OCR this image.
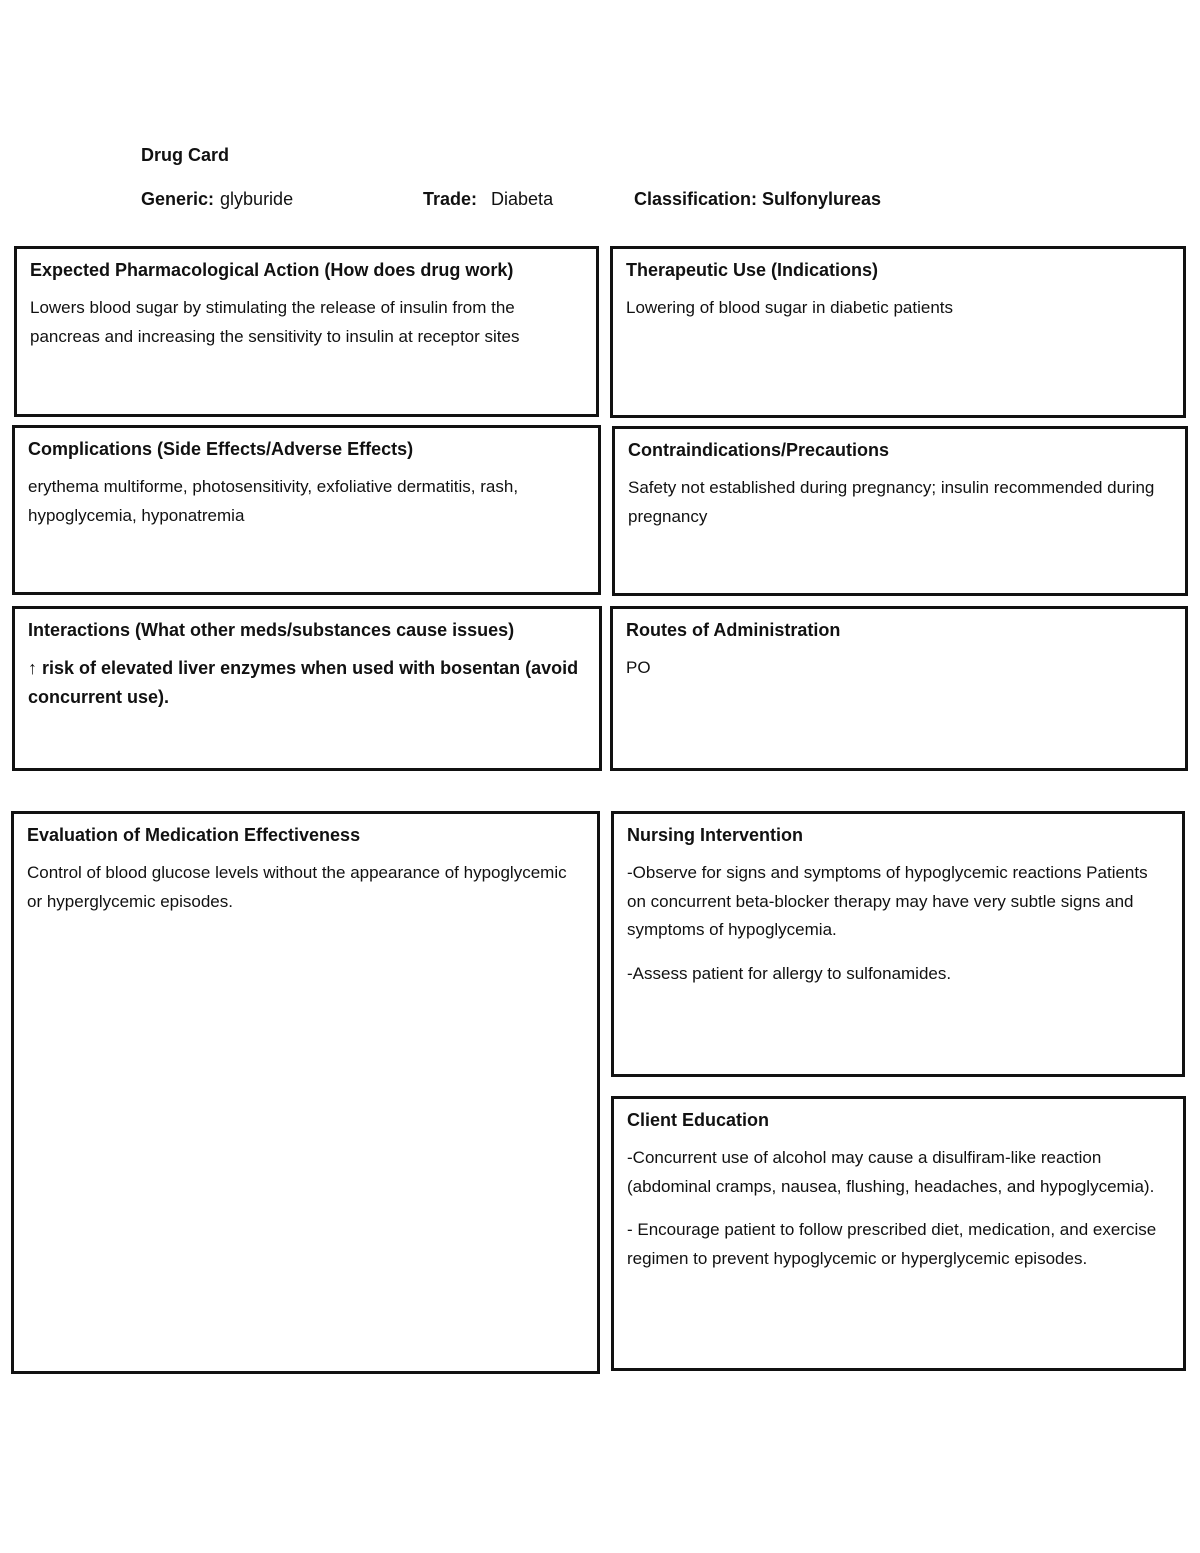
Drug Card
Generic: glyburide	Trade: Diabeta	Classification: Sulfonylureas
Expected Pharmacological Action (How does drug work)
Lowers blood sugar by stimulating the release of insulin from the pancreas and increasing the sensitivity to insulin at receptor sites
Therapeutic Use (Indications)
Lowering of blood sugar in diabetic patients
Complications (Side Effects/Adverse Effects)
erythema multiforme, photosensitivity, exfoliative dermatitis, rash, hypoglycemia, hyponatremia
Contraindications/Precautions
Safety not established during pregnancy; insulin recommended during pregnancy
Interactions (What other meds/substances cause issues)
↑ risk of elevated liver enzymes when used with bosentan (avoid concurrent use).
Routes of Administration
PO
Evaluation of Medication Effectiveness
Control of blood glucose levels without the appearance of hypoglycemic or hyperglycemic episodes.
Nursing Intervention
-Observe for signs and symptoms of hypoglycemic reactions Patients on concurrent beta-blocker therapy may have very subtle signs and symptoms of hypoglycemia.
-Assess patient for allergy to sulfonamides.
Client Education
-Concurrent use of alcohol may cause a disulfiram-like reaction (abdominal cramps, nausea, flushing, headaches, and hypoglycemia).
- Encourage patient to follow prescribed diet, medication, and exercise regimen to prevent hypoglycemic or hyperglycemic episodes.
